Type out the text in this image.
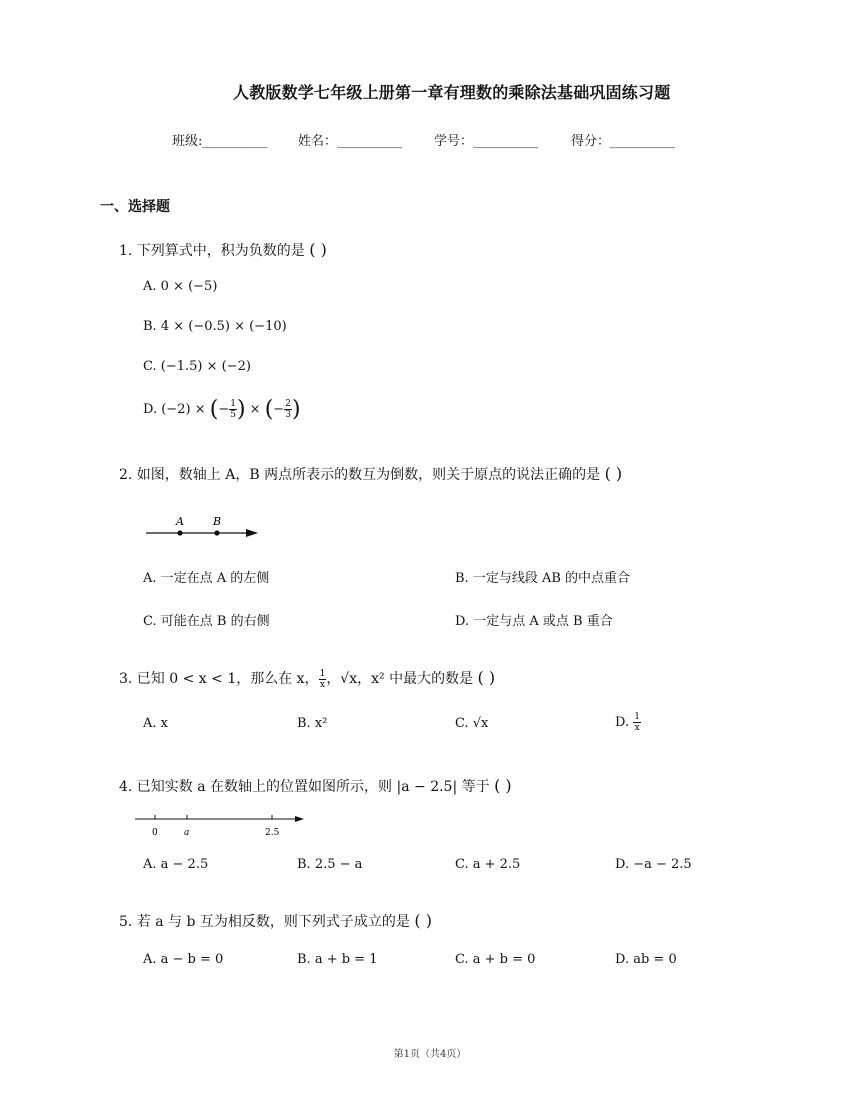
人教版数学七年级上册第一章有理数的乘除法基础巩固练习题
班级:__________ 姓名：__________ 学号：__________	得分：__________
一、选择题
1. 下列算式中，积为负数的是 ( )
A. 0 × (−5)
B. 4 × (−0.5) × (−10)
C. (−1.5) × (−2)
D. (−2) × (− $\frac{1}{5}$ ) × (− $\frac{2}{3}$ )
2. 如图，数轴上 A，B 两点所表示的数互为倒数，则关于原点的说法正确的是 ( )
A	B
A. 一定在点 A 的左侧	B. 一定与线段 AB 的中点重合
C. 可能在点 B 的右侧	D. 一定与点 A 或点 B 重合
3. 已知 0 < x < 1，那么在 x， $\frac{1}{x}$ ，√x，x² 中最大的数是 ( )
A. x	B. x²	C. √x	D. $\frac{1}{x}$
4. 已知实数 a 在数轴上的位置如图所示，则 |a − 2.5| 等于 ( )
0	a	2.5
A. a − 2.5	B. 2.5 − a	C. a + 2.5	D. −a − 2.5
5. 若 a 与 b 互为相反数，则下列式子成立的是 ( )
A. a − b = 0	B. a + b = 1	C. a + b = 0	D. ab = 0
第1页（共4页）
